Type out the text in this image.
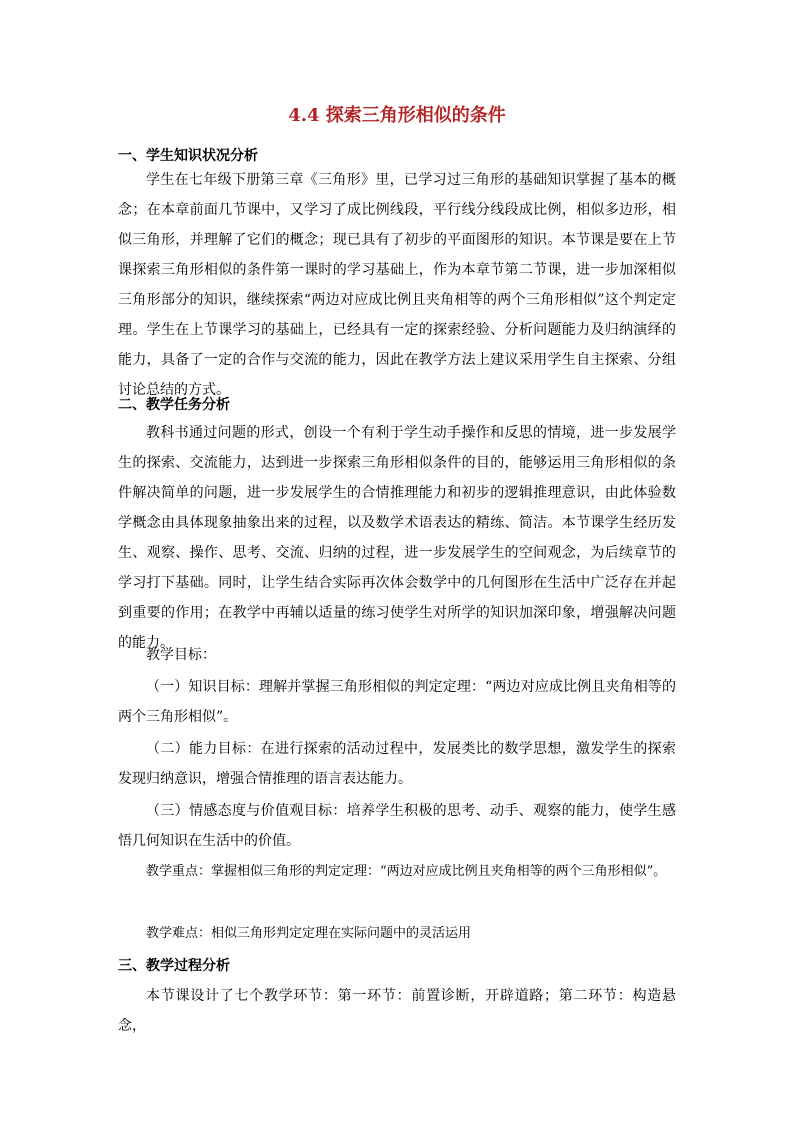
4.4 探索三角形相似的条件
一、学生知识状况分析

学生在七年级下册第三章《三角形》里，已学习过三角形的基础知识掌握了基本的概念；在本章前面几节课中，又学习了成比例线段，平行线分线段成比例，相似多边形，相似三角形，并理解了它们的概念；现已具有了初步的平面图形的知识。本节课是要在上节课探索三角形相似的条件第一课时的学习基础上，作为本章节第二节课，进一步加深相似三角形部分的知识，继续探索“两边对应成比例且夹角相等的两个三角形相似”这个判定定理。学生在上节课学习的基础上，已经具有一定的探索经验、分析问题能力及归纳演绎的能力，具备了一定的合作与交流的能力，因此在教学方法上建议采用学生自主探索、分组讨论总结的方式。

二、教学任务分析

教科书通过问题的形式，创设一个有利于学生动手操作和反思的情境，进一步发展学生的探索、交流能力，达到进一步探索三角形相似条件的目的，能够运用三角形相似的条件解决简单的问题，进一步发展学生的合情推理能力和初步的逻辑推理意识，由此体验数学概念由具体现象抽象出来的过程，以及数学术语表达的精练、简洁。本节课学生经历发生、观察、操作、思考、交流、归纳的过程，进一步发展学生的空间观念，为后续章节的学习打下基础。同时，让学生结合实际再次体会数学中的几何图形在生活中广泛存在并起到重要的作用；在教学中再辅以适量的练习使学生对所学的知识加深印象，增强解决问题的能力。

教学目标：

（一）知识目标：理解并掌握三角形相似的判定定理：“两边对应成比例且夹角相等的两个三角形相似”。

（二）能力目标：在进行探索的活动过程中，发展类比的数学思想，激发学生的探索发现归纳意识，增强合情推理的语言表达能力。

（三）情感态度与价值观目标：培养学生积极的思考、动手、观察的能力，使学生感悟几何知识在生活中的价值。

教学重点：掌握相似三角形的判定定理：“两边对应成比例且夹角相等的两个三角形相似”。

教学难点：相似三角形判定定理在实际问题中的灵活运用

三、教学过程分析

本节课设计了七个教学环节：第一环节：前置诊断，开辟道路；第二环节：构造悬念，
